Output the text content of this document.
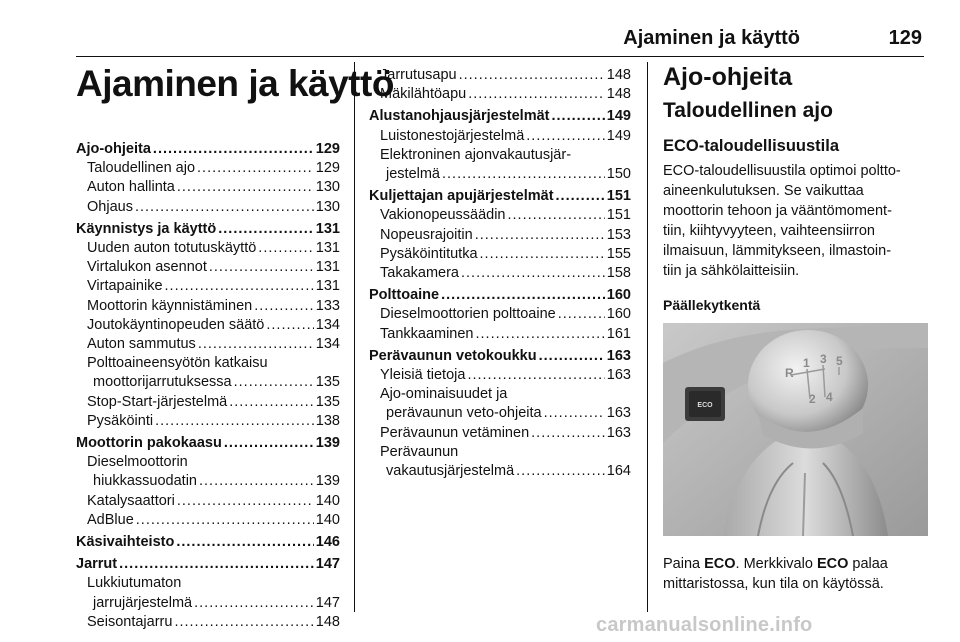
Ajaminen ja käyttö	129
Ajaminen ja käyttö
Ajo-ohjeita .....	129
Taloudellinen ajo .....	129
Auton hallinta .....	130
Ohjaus .....	130
Käynnistys ja käyttö .....	131
Uuden auton totutuskäyttö .....	131
Virtalukon asennot .....	131
Virtapainike .....	131
Moottorin käynnistäminen .....	133
Joutokäyntinopeuden säätö .....	134
Auton sammutus .....	134
Polttoaineensyötön katkaisu
moottorijarrutuksessa .....	135
Stop-Start-järjestelmä .....	135
Pysäköinti .....	138
Moottorin pakokaasu .....	139
Dieselmoottorin
hiukkassuodatin .....	139
Katalysaattori .....	140
AdBlue .....	140
Käsivaihteisto .....	146
Jarrut .....	147
Lukkiutumaton
jarrujärjestelmä .....	147
Seisontajarru .....	148
Jarrutusapu .....	148
Mäkilähtöapu .....	148
Alustanohjausjärjestelmät .....	149
Luistonestojärjestelmä .....	149
Elektroninen ajonvakautusjär-
jestelmä .....	150
Kuljettajan apujärjestelmät .....	151
Vakionopeussäädin .....	151
Nopeusrajoitin .....	153
Pysäköintitutka .....	155
Takakamera .....	158
Polttoaine .....	160
Dieselmoottorien polttoaine .....	160
Tankkaaminen .....	161
Perävaunun vetokoukku .....	163
Yleisiä tietoja .....	163
Ajo-ominaisuudet ja
perävaunun veto-ohjeita .....	163
Perävaunun vetäminen .....	163
Perävaunun
vakautusjärjestelmä .....	164
Ajo-ohjeita
Taloudellinen ajo
ECO-taloudellisuustila
ECO-taloudellisuustila optimoi poltto-
aineenkulutuksen. Se vaikuttaa
moottorin tehoon ja vääntömoment-
tiin, kiihtyvyyteen, vaihteensiirron
ilmaisuun, lämmitykseen, ilmastoin-
tiin ja sähkölaitteisiin.
Päällekytkentä
R
1 3 5
2 4
ECO
Paina ECO. Merkkivalo ECO palaa
mittaristossa, kun tila on käytössä.
carmanualsonline.info
